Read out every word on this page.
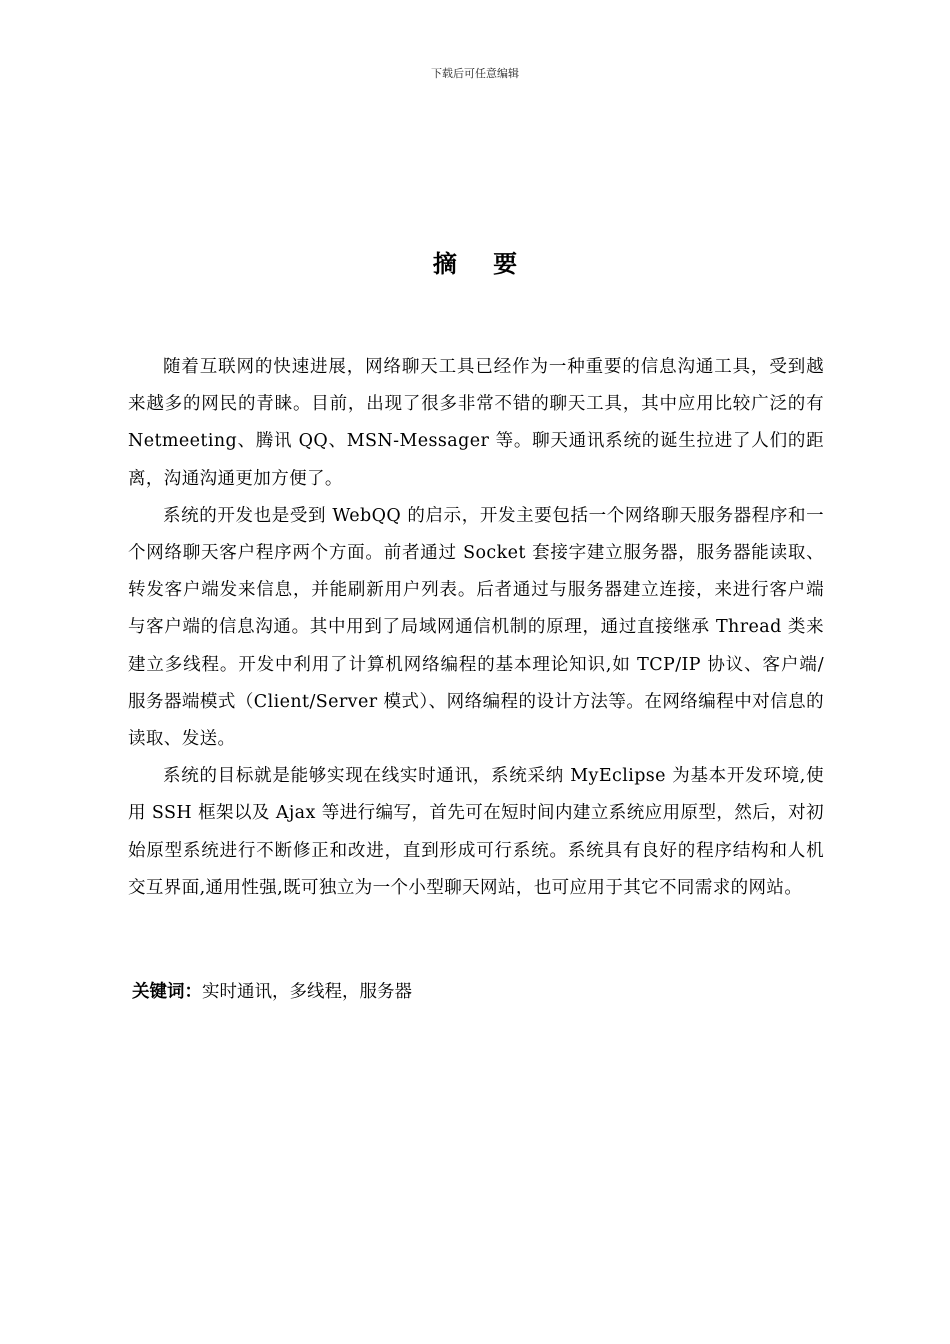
下载后可任意编辑
摘 要

随着互联网的快速进展，网络聊天工具已经作为一种重要的信息沟通工具，受到越来越多的网民的青睐。目前，出现了很多非常不错的聊天工具，其中应用比较广泛的有 Netmeeting、腾讯 QQ、MSN-Messager 等。聊天通讯系统的诞生拉进了人们的距离，沟通沟通更加方便了。

系统的开发也是受到 WebQQ 的启示，开发主要包括一个网络聊天服务器程序和一个网络聊天客户程序两个方面。前者通过 Socket 套接字建立服务器，服务器能读取、转发客户端发来信息，并能刷新用户列表。后者通过与服务器建立连接，来进行客户端与客户端的信息沟通。其中用到了局域网通信机制的原理，通过直接继承 Thread 类来建立多线程。开发中利用了计算机网络编程的基本理论知识,如 TCP/IP 协议、客户端/服务器端模式（Client/Server 模式）、网络编程的设计方法等。在网络编程中对信息的读取、发送。

系统的目标就是能够实现在线实时通讯，系统采纳 MyEclipse 为基本开发环境,使用 SSH 框架以及 Ajax 等进行编写，首先可在短时间内建立系统应用原型，然后，对初始原型系统进行不断修正和改进，直到形成可行系统。系统具有良好的程序结构和人机交互界面,通用性强,既可独立为一个小型聊天网站，也可应用于其它不同需求的网站。

关键词：实时通讯，多线程，服务器
